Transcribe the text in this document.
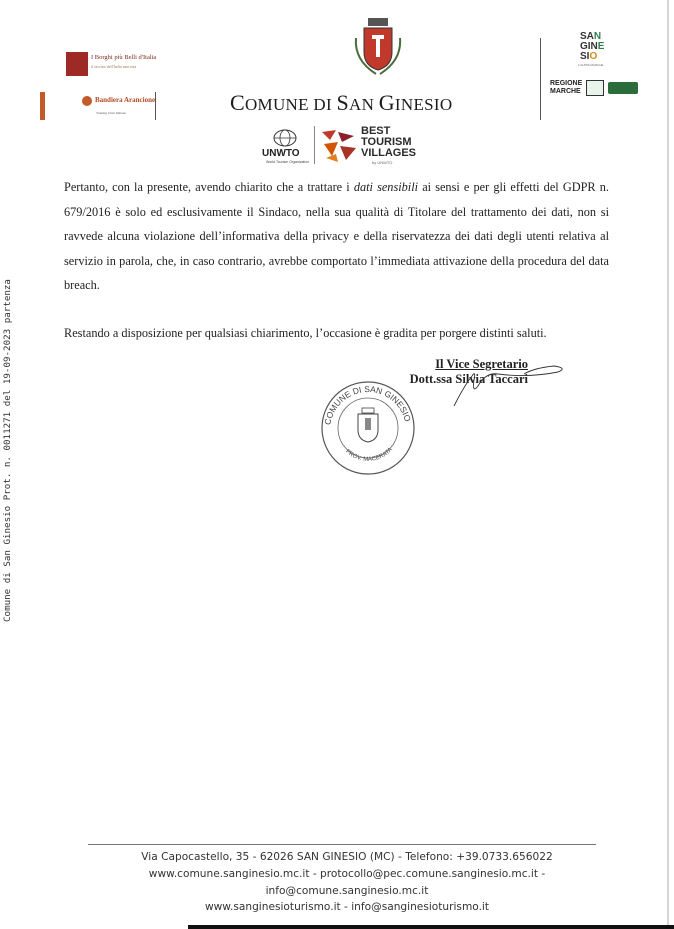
I Borghi più Belli d'Italia
il fascino dell'Italia nascosta
Bandiera Arancione
Touring Club Italiano	COMUNE DI SAN GINESIO
UNWTO
World Tourism Organization
BEST
TOURISM
VILLAGES
by UNWTO
SAN
GINE
SIO
L'ALTRA MARCHE
REGIONE
MARCHE
Comune di San Ginesio Prot. n. 0011271 del 19-09-2023 partenza
Pertanto, con la presente, avendo chiarito che a trattare i dati sensibili ai sensi e per gli effetti del GDPR n. 679/2016 è solo ed esclusivamente il Sindaco, nella sua qualità di Titolare del trattamento dei dati, non si ravvede alcuna violazione dell’informativa della privacy e della riservatezza dei dati degli utenti relativa al servizio in parola, che, in caso contrario, avrebbe comportato l’immediata attivazione della procedura del data breach.
Restando a disposizione per qualsiasi chiarimento, l’occasione è gradita per porgere distinti saluti.
Il Vice Segretario
Dott.ssa Silvia Taccari
COMUNE DI SAN GINESIO
PROV. MACERATA
Via Capocastello, 35 - 62026 SAN GINESIO (MC) - Telefono: +39.0733.656022
www.comune.sanginesio.mc.it - protocollo@pec.comune.sanginesio.mc.it -
info@comune.sanginesio.mc.it
www.sanginesioturismo.it - info@sanginesioturismo.it
